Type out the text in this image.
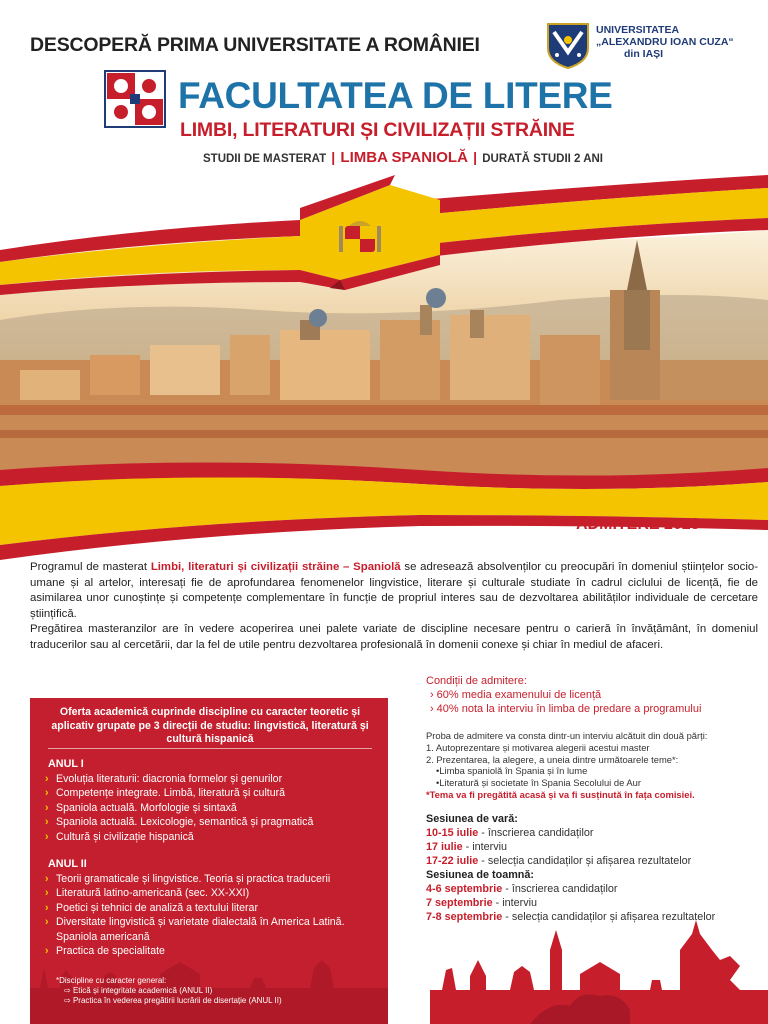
DESCOPERĂ PRIMA UNIVERSITATE A ROMÂNIEI
UNIVERSITATEA
„ALEXANDRU IOAN CUZA“
din IAȘI
FACULTATEA DE LITERE
LIMBI, LITERATURI ȘI CIVILIZAȚII STRĂINE
STUDII DE MASTERAT | LIMBA SPANIOLĂ | DURATĂ STUDII 2 ANI
ADMITERE 2023

Programul de masterat Limbi, literaturi și civilizații străine – Spaniolă se adresează absolvenților cu preocupări în domeniul științelor socio-umane și al artelor, interesați fie de aprofundarea fenomenelor lingvistice, literare și culturale studiate în cadrul ciclului de licență, fie de asimilarea unor cunoștințe și competențe complementare în funcție de propriul interes sau de dezvoltarea abilităților individuale de cercetare științifică.

Pregătirea masteranzilor are în vedere acoperirea unei palete variate de discipline necesare pentru o carieră în învățământ, în domeniul traducerilor sau al cercetării, dar la fel de utile pentru dezvoltarea profesională în domenii conexe și chiar în mediul de afaceri.

Oferta academică cuprinde discipline cu caracter teoretic și aplicativ grupate pe 3 direcții de studiu: lingvistică, literatură și cultură hispanică
ANUL I
› Evoluția literaturii: diacronia formelor și genurilor
› Competențe integrate. Limbă, literatură și cultură
› Spaniola actuală. Morfologie și sintaxă
› Spaniola actuală. Lexicologie, semantică și pragmatică
› Cultură și civilizație hispanică
ANUL II
› Teorii gramaticale și lingvistice. Teoria și practica traducerii
› Literatură latino-americană (sec. XX-XXI)
› Poetici și tehnici de analiză a textului literar
› Diversitate lingvistică și varietate dialectală în America Latină. Spaniola americană
› Practica de specialitate
*Discipline cu caracter general:
⇨ Etică și integritate academică (ANUL II)
⇨ Practica în vederea pregătirii lucrării de disertație (ANUL II)
Condiții de admitere:
› 60% media examenului de licență
› 40% nota la interviu în limba de predare a programului
Proba de admitere va consta dintr-un interviu alcătuit din două părți:
1. Autoprezentare și motivarea alegerii acestui master
2. Prezentarea, la alegere, a uneia dintre următoarele teme*:
•Limba spaniolă în Spania și în lume
•Literatură și societate în Spania Secolului de Aur
*Tema va fi pregătită acasă și va fi susținută în fața comisiei.
Sesiunea de vară:
10-15 iulie - înscrierea candidaților
17 iulie - interviu
17-22 iulie - selecția candidaților și afișarea rezultatelor
Sesiunea de toamnă:
4-6 septembrie - înscrierea candidaților
7 septembrie - interviu
7-8 septembrie - selecția candidaților și afișarea rezultatelor
